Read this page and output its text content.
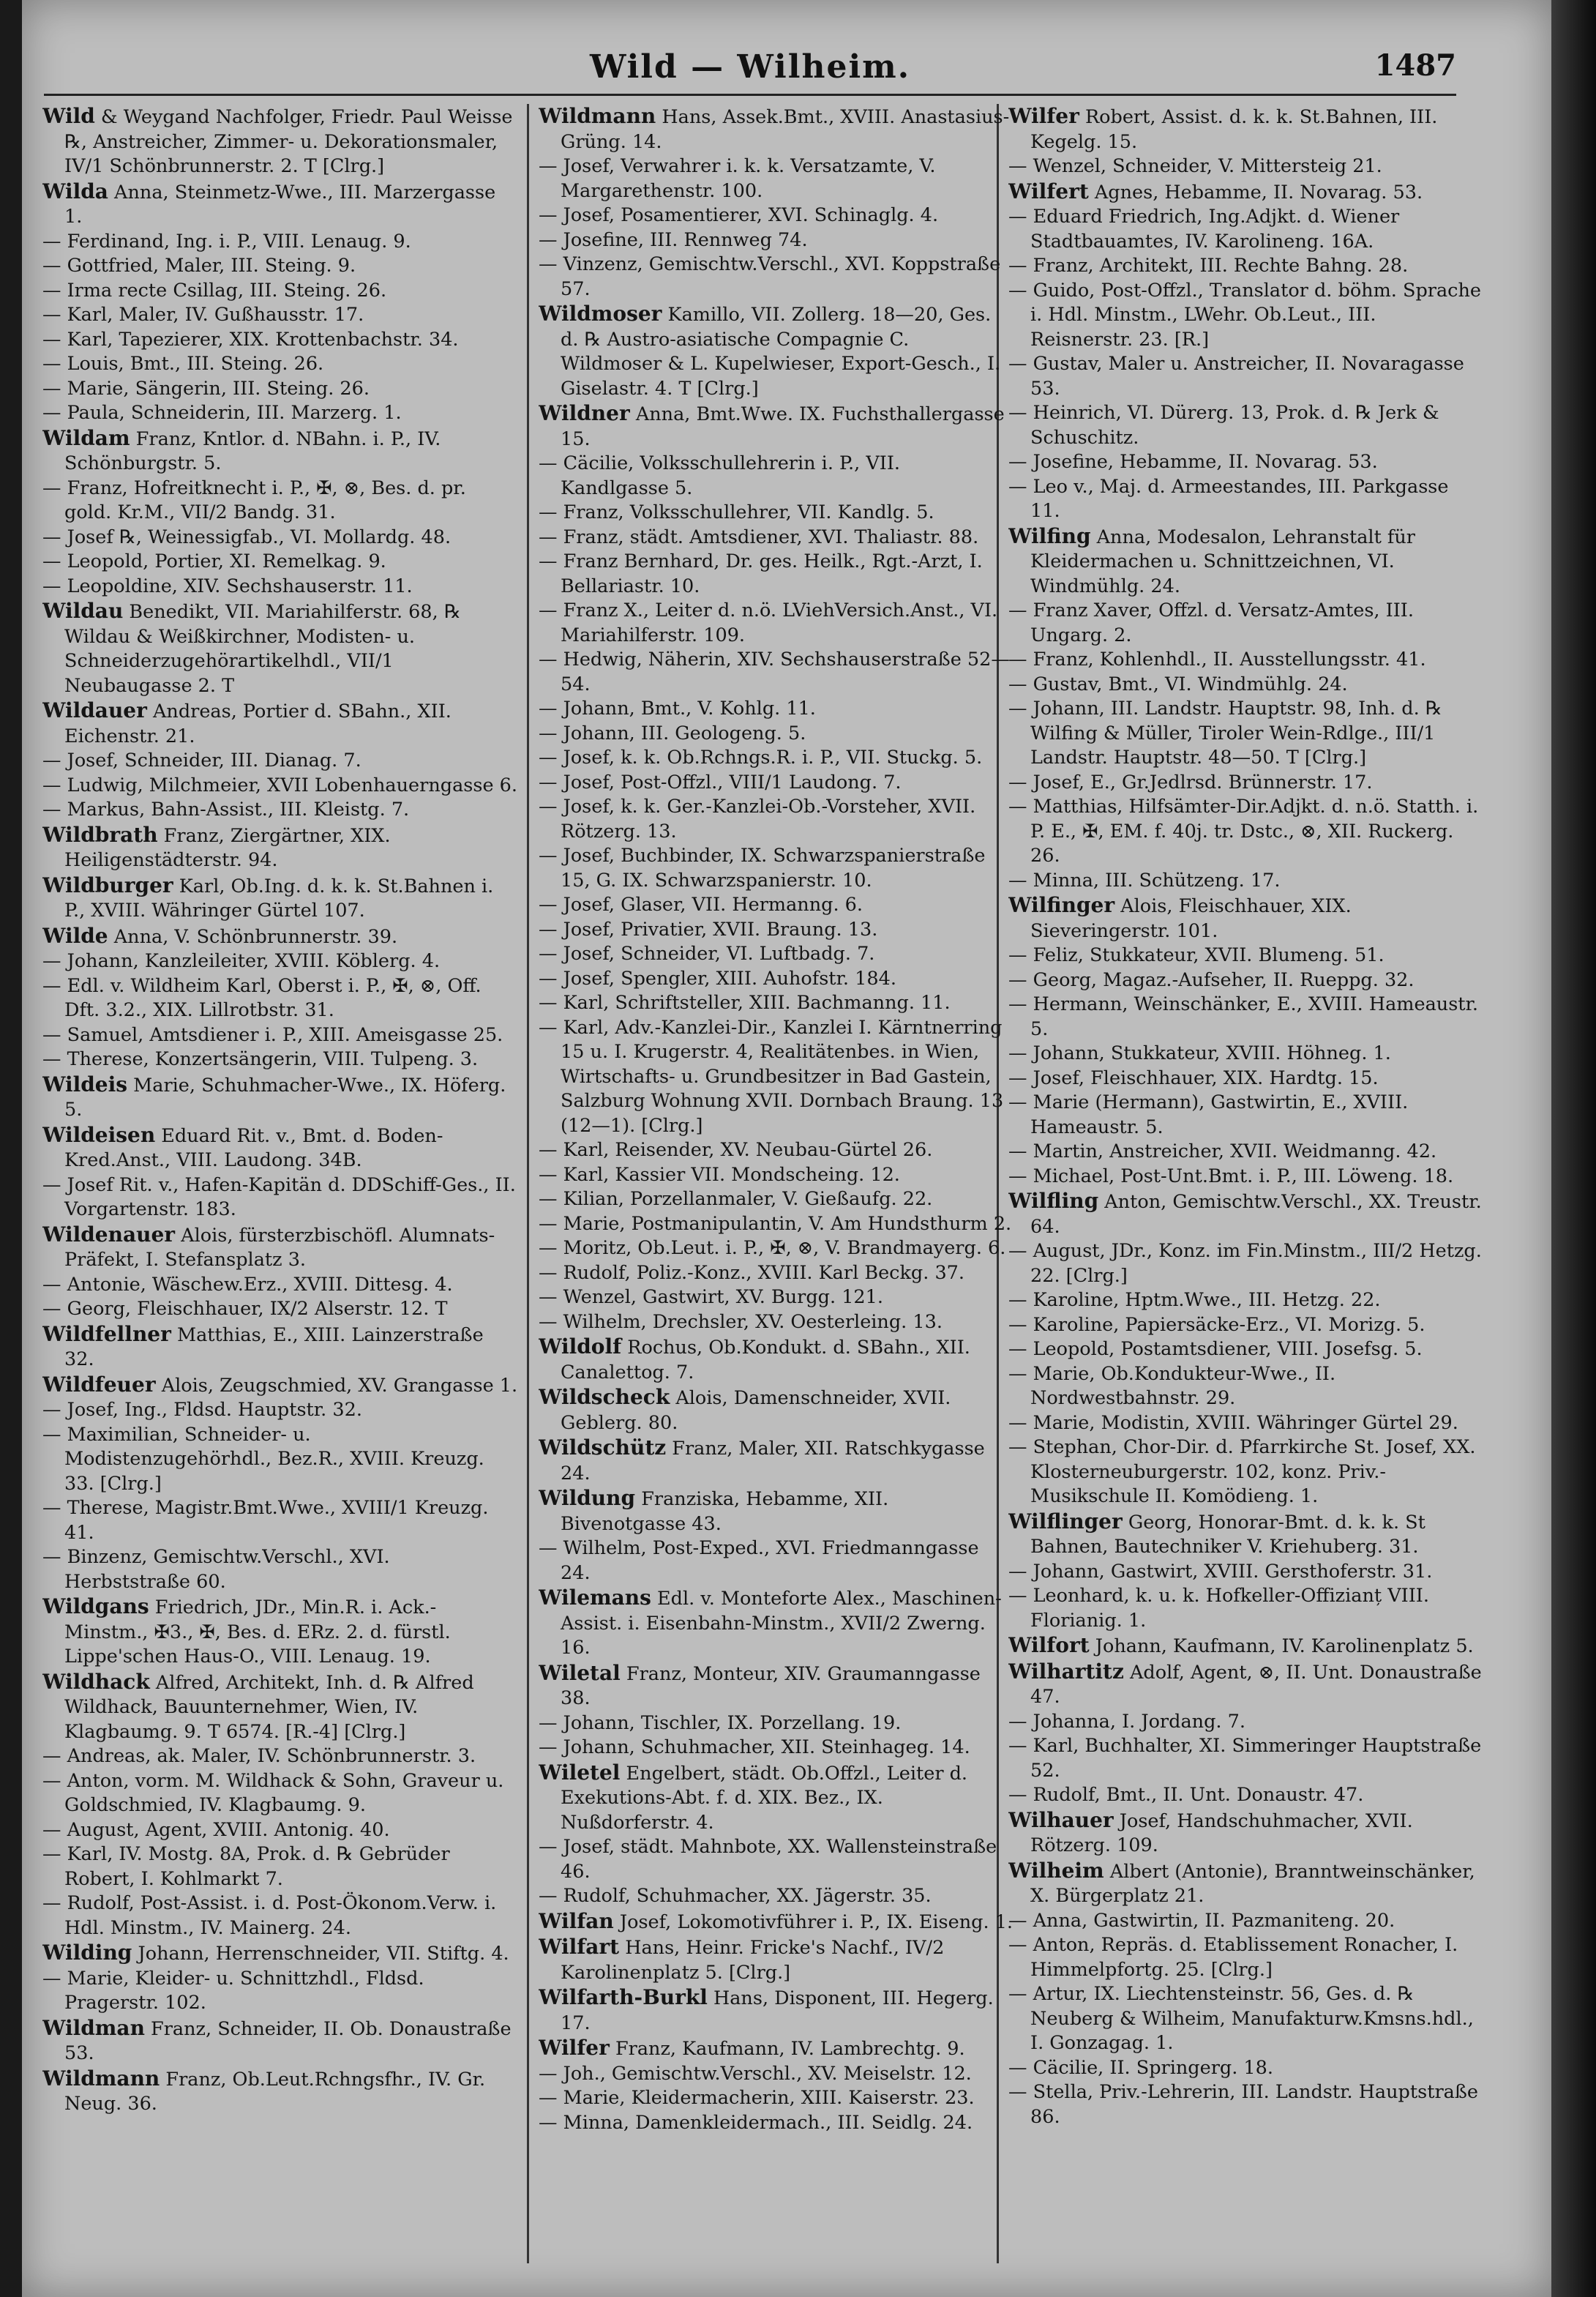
Wild — Wilheim.	1487

Wild & Weygand Nachfolger, Friedr. Paul Weisse ℞, Anstreicher, Zimmer- u. Dekorationsmaler, IV/1 Schönbrunnerstr. 2. T [Clrg.]

Wilda Anna, Steinmetz-Wwe., III. Marzergasse 1.

— Ferdinand, Ing. i. P., VIII. Lenaug. 9.

— Gottfried, Maler, III. Steing. 9.

— Irma recte Csillag, III. Steing. 26.

— Karl, Maler, IV. Gußhausstr. 17.

— Karl, Tapezierer, XIX. Krottenbachstr. 34.

— Louis, Bmt., III. Steing. 26.

— Marie, Sängerin, III. Steing. 26.

— Paula, Schneiderin, III. Marzerg. 1.

Wildam Franz, Kntlor. d. NBahn. i. P., IV. Schönburgstr. 5.

— Franz, Hofreitknecht i. P., ✠, ⊗, Bes. d. pr. gold. Kr.M., VII/2 Bandg. 31.

— Josef ℞, Weinessigfab., VI. Mollardg. 48.

— Leopold, Portier, XI. Remelkag. 9.

— Leopoldine, XIV. Sechshauserstr. 11.

Wildau Benedikt, VII. Mariahilferstr. 68, ℞ Wildau & Weißkirchner, Modisten- u. Schneiderzugehörartikelhdl., VII/1 Neubaugasse 2. T

Wildauer Andreas, Portier d. SBahn., XII. Eichenstr. 21.

— Josef, Schneider, III. Dianag. 7.

— Ludwig, Milchmeier, XVII Lobenhauerngasse 6.

— Markus, Bahn-Assist., III. Kleistg. 7.

Wildbrath Franz, Ziergärtner, XIX. Heiligenstädterstr. 94.

Wildburger Karl, Ob.Ing. d. k. k. St.Bahnen i. P., XVIII. Währinger Gürtel 107.

Wilde Anna, V. Schönbrunnerstr. 39.

— Johann, Kanzleileiter, XVIII. Köblerg. 4.

— Edl. v. Wildheim Karl, Oberst i. P., ✠, ⊗, Off. Dft. 3.2., XIX. Lillrotbstr. 31.

— Samuel, Amtsdiener i. P., XIII. Ameisgasse 25.

— Therese, Konzertsängerin, VIII. Tulpeng. 3.

Wildeis Marie, Schuhmacher-Wwe., IX. Höferg. 5.

Wildeisen Eduard Rit. v., Bmt. d. Boden-Kred.Anst., VIII. Laudong. 34B.

— Josef Rit. v., Hafen-Kapitän d. DDSchiff-Ges., II. Vorgartenstr. 183.

Wildenauer Alois, fürsterzbischöfl. Alumnats-Präfekt, I. Stefansplatz 3.

— Antonie, Wäschew.Erz., XVIII. Dittesg. 4.

— Georg, Fleischhauer, IX/2 Alserstr. 12. T

Wildfellner Matthias, E., XIII. Lainzerstraße 32.

Wildfeuer Alois, Zeugschmied, XV. Grangasse 1.

— Josef, Ing., Fldsd. Hauptstr. 32.

— Maximilian, Schneider- u. Modistenzugehörhdl., Bez.R., XVIII. Kreuzg. 33. [Clrg.]

— Therese, Magistr.Bmt.Wwe., XVIII/1 Kreuzg. 41.

— Binzenz, Gemischtw.Verschl., XVI. Herbststraße 60.

Wildgans Friedrich, JDr., Min.R. i. Ack.-Minstm., ✠3., ✠, Bes. d. ERz. 2. d. fürstl. Lippe'schen Haus-O., VIII. Lenaug. 19.

Wildhack Alfred, Architekt, Inh. d. ℞ Alfred Wildhack, Bauunternehmer, Wien, IV. Klagbaumg. 9. T 6574. [R.-4] [Clrg.]

— Andreas, ak. Maler, IV. Schönbrunnerstr. 3.

— Anton, vorm. M. Wildhack & Sohn, Graveur u. Goldschmied, IV. Klagbaumg. 9.

— August, Agent, XVIII. Antonig. 40.

— Karl, IV. Mostg. 8A, Prok. d. ℞ Gebrüder Robert, I. Kohlmarkt 7.

— Rudolf, Post-Assist. i. d. Post-Ökonom.Verw. i. Hdl. Minstm., IV. Mainerg. 24.

Wilding Johann, Herrenschneider, VII. Stiftg. 4.

— Marie, Kleider- u. Schnittzhdl., Fldsd. Pragerstr. 102.

Wildman Franz, Schneider, II. Ob. Donaustraße 53.

Wildmann Franz, Ob.Leut.Rchngsfhr., IV. Gr. Neug. 36.

Wildmann Hans, Assek.Bmt., XVIII. Anastasius-Grüng. 14.

— Josef, Verwahrer i. k. k. Versatzamte, V. Margarethenstr. 100.

— Josef, Posamentierer, XVI. Schinaglg. 4.

— Josefine, III. Rennweg 74.

— Vinzenz, Gemischtw.Verschl., XVI. Koppstraße 57.

Wildmoser Kamillo, VII. Zollerg. 18—20, Ges. d. ℞ Austro-asiatische Compagnie C. Wildmoser & L. Kupelwieser, Export-Gesch., I. Giselastr. 4. T [Clrg.]

Wildner Anna, Bmt.Wwe. IX. Fuchsthallergasse 15.

— Cäcilie, Volksschullehrerin i. P., VII. Kandlgasse 5.

— Franz, Volksschullehrer, VII. Kandlg. 5.

— Franz, städt. Amtsdiener, XVI. Thaliastr. 88.

— Franz Bernhard, Dr. ges. Heilk., Rgt.-Arzt, I. Bellariastr. 10.

— Franz X., Leiter d. n.ö. LViehVersich.Anst., VI. Mariahilferstr. 109.

— Hedwig, Näherin, XIV. Sechshauserstraße 52—54.

— Johann, Bmt., V. Kohlg. 11.

— Johann, III. Geologeng. 5.

— Josef, k. k. Ob.Rchngs.R. i. P., VII. Stuckg. 5.

— Josef, Post-Offzl., VIII/1 Laudong. 7.

— Josef, k. k. Ger.-Kanzlei-Ob.-Vorsteher, XVII. Rötzerg. 13.

— Josef, Buchbinder, IX. Schwarzspanierstraße 15, G. IX. Schwarzspanierstr. 10.

— Josef, Glaser, VII. Hermanng. 6.

— Josef, Privatier, XVII. Braung. 13.

— Josef, Schneider, VI. Luftbadg. 7.

— Josef, Spengler, XIII. Auhofstr. 184.

— Karl, Schriftsteller, XIII. Bachmanng. 11.

— Karl, Adv.-Kanzlei-Dir., Kanzlei I. Kärntnerring 15 u. I. Krugerstr. 4, Realitätenbes. in Wien, Wirtschafts- u. Grundbesitzer in Bad Gastein, Salzburg Wohnung XVII. Dornbach Braung. 13 (12—1). [Clrg.]

— Karl, Reisender, XV. Neubau-Gürtel 26.

— Karl, Kassier VII. Mondscheing. 12.

— Kilian, Porzellanmaler, V. Gießaufg. 22.

— Marie, Postmanipulantin, V. Am Hundsthurm 2.

— Moritz, Ob.Leut. i. P., ✠, ⊗, V. Brandmayerg. 6.

— Rudolf, Poliz.-Konz., XVIII. Karl Beckg. 37.

— Wenzel, Gastwirt, XV. Burgg. 121.

— Wilhelm, Drechsler, XV. Oesterleing. 13.

Wildolf Rochus, Ob.Kondukt. d. SBahn., XII. Canalettog. 7.

Wildscheck Alois, Damenschneider, XVII. Geblerg. 80.

Wildschütz Franz, Maler, XII. Ratschkygasse 24.

Wildung Franziska, Hebamme, XII. Bivenotgasse 43.

— Wilhelm, Post-Exped., XVI. Friedmanngasse 24.

Wilemans Edl. v. Monteforte Alex., Maschinen-Assist. i. Eisenbahn-Minstm., XVII/2 Zwerng. 16.

Wiletal Franz, Monteur, XIV. Graumanngasse 38.

— Johann, Tischler, IX. Porzellang. 19.

— Johann, Schuhmacher, XII. Steinhageg. 14.

Wiletel Engelbert, städt. Ob.Offzl., Leiter d. Exekutions-Abt. f. d. XIX. Bez., IX. Nußdorferstr. 4.

— Josef, städt. Mahnbote, XX. Wallensteinstraße 46.

— Rudolf, Schuhmacher, XX. Jägerstr. 35.

Wilfan Josef, Lokomotivführer i. P., IX. Eiseng. 1.

Wilfart Hans, Heinr. Fricke's Nachf., IV/2 Karolinenplatz 5. [Clrg.]

Wilfarth-Burkl Hans, Disponent, III. Hegerg. 17.

Wilfer Franz, Kaufmann, IV. Lambrechtg. 9.

— Joh., Gemischtw.Verschl., XV. Meiselstr. 12.

— Marie, Kleidermacherin, XIII. Kaiserstr. 23.

— Minna, Damenkleidermach., III. Seidlg. 24.

Wilfer Robert, Assist. d. k. k. St.Bahnen, III. Kegelg. 15.

— Wenzel, Schneider, V. Mittersteig 21.

Wilfert Agnes, Hebamme, II. Novarag. 53.

— Eduard Friedrich, Ing.Adjkt. d. Wiener Stadtbauamtes, IV. Karolineng. 16A.

— Franz, Architekt, III. Rechte Bahng. 28.

— Guido, Post-Offzl., Translator d. böhm. Sprache i. Hdl. Minstm., LWehr. Ob.Leut., III. Reisnerstr. 23. [R.]

— Gustav, Maler u. Anstreicher, II. Novaragasse 53.

— Heinrich, VI. Dürerg. 13, Prok. d. ℞ Jerk & Schuschitz.

— Josefine, Hebamme, II. Novarag. 53.

— Leo v., Maj. d. Armeestandes, III. Parkgasse 11.

Wilfing Anna, Modesalon, Lehranstalt für Kleidermachen u. Schnittzeichnen, VI. Windmühlg. 24.

— Franz Xaver, Offzl. d. Versatz-Amtes, III. Ungarg. 2.

— Franz, Kohlenhdl., II. Ausstellungsstr. 41.

— Gustav, Bmt., VI. Windmühlg. 24.

— Johann, III. Landstr. Hauptstr. 98, Inh. d. ℞ Wilfing & Müller, Tiroler Wein-Rdlge., III/1 Landstr. Hauptstr. 48—50. T [Clrg.]

— Josef, E., Gr.Jedlrsd. Brünnerstr. 17.

— Matthias, Hilfsämter-Dir.Adjkt. d. n.ö. Statth. i. P. E., ✠, EM. f. 40j. tr. Dstc., ⊗, XII. Ruckerg. 26.

— Minna, III. Schützeng. 17.

Wilfinger Alois, Fleischhauer, XIX. Sieveringerstr. 101.

— Feliz, Stukkateur, XVII. Blumeng. 51.

— Georg, Magaz.-Aufseher, II. Rueppg. 32.

— Hermann, Weinschänker, E., XVIII. Hameaustr. 5.

— Johann, Stukkateur, XVIII. Höhneg. 1.

— Josef, Fleischhauer, XIX. Hardtg. 15.

— Marie (Hermann), Gastwirtin, E., XVIII. Hameaustr. 5.

— Martin, Anstreicher, XVII. Weidmanng. 42.

— Michael, Post-Unt.Bmt. i. P., III. Löweng. 18.

Wilfling Anton, Gemischtw.Verschl., XX. Treustr. 64.

— August, JDr., Konz. im Fin.Minstm., III/2 Hetzg. 22. [Clrg.]

— Karoline, Hptm.Wwe., III. Hetzg. 22.

— Karoline, Papiersäcke-Erz., VI. Morizg. 5.

— Leopold, Postamtsdiener, VIII. Josefsg. 5.

— Marie, Ob.Kondukteur-Wwe., II. Nordwestbahnstr. 29.

— Marie, Modistin, XVIII. Währinger Gürtel 29.

— Stephan, Chor-Dir. d. Pfarrkirche St. Josef, XX. Klosterneuburgerstr. 102, konz. Priv.-Musikschule II. Komödieng. 1.

Wilflinger Georg, Honorar-Bmt. d. k. k. St Bahnen, Bautechniker V. Kriehuberg. 31.

— Johann, Gastwirt, XVIII. Gersthoferstr. 31.

— Leonhard, k. u. k. Hofkeller-Offizianț VIII. Florianig. 1.

Wilfort Johann, Kaufmann, IV. Karolinenplatz 5.

Wilhartitz Adolf, Agent, ⊗, II. Unt. Donaustraße 47.

— Johanna, I. Jordang. 7.

— Karl, Buchhalter, XI. Simmeringer Hauptstraße 52.

— Rudolf, Bmt., II. Unt. Donaustr. 47.

Wilhauer Josef, Handschuhmacher, XVII. Rötzerg. 109.

Wilheim Albert (Antonie), Branntweinschänker, X. Bürgerplatz 21.

— Anna, Gastwirtin, II. Pazmaniteng. 20.

— Anton, Repräs. d. Etablissement Ronacher, I. Himmelpfortg. 25. [Clrg.]

— Artur, IX. Liechtensteinstr. 56, Ges. d. ℞ Neuberg & Wilheim, Manufakturw.Kmsns.hdl., I. Gonzagag. 1.

— Cäcilie, II. Springerg. 18.

— Stella, Priv.-Lehrerin, III. Landstr. Hauptstraße 86.
